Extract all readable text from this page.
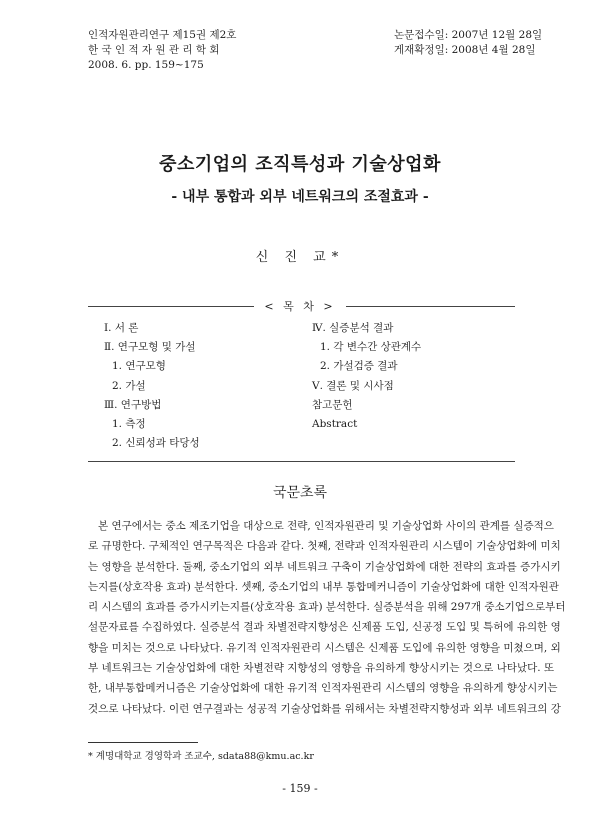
인적자원관리연구 제15권 제2호
한 국 인 적 자 원 관 리 학 회
2008. 6. pp. 159~175
논문접수일: 2007년 12월 28일
게재확정일: 2008년 4월 28일
중소기업의 조직특성과 기술상업화
- 내부 통합과 외부 네트워크의 조절효과 -
신 진 교*
< 목 차 >
Ⅰ. 서 론
Ⅱ. 연구모형 및 가설
1. 연구모형
2. 가설
Ⅲ. 연구방법
1. 측정
2. 신뢰성과 타당성
Ⅳ. 실증분석 결과
1. 각 변수간 상관계수
2. 가설검증 결과
Ⅴ. 결론 및 시사점
참고문헌
Abstract
국문초록
본 연구에서는 중소 제조기업을 대상으로 전략, 인적자원관리 및 기술상업화 사이의 관계를 실증적으
로 규명한다. 구체적인 연구목적은 다음과 같다. 첫째, 전략과 인적자원관리 시스템이 기술상업화에 미치
는 영향을 분석한다. 둘째, 중소기업의 외부 네트워크 구축이 기술상업화에 대한 전략의 효과를 증가시키
는지를(상호작용 효과) 분석한다. 셋째, 중소기업의 내부 통합메커니즘이 기술상업화에 대한 인적자원관
리 시스템의 효과를 증가시키는지를(상호작용 효과) 분석한다. 실증분석을 위해 297개 중소기업으로부터
설문자료를 수집하였다. 실증분석 결과 차별전략지향성은 신제품 도입, 신공정 도입 및 특허에 유의한 영
향을 미치는 것으로 나타났다. 유기적 인적자원관리 시스템은 신제품 도입에 유의한 영향을 미쳤으며, 외
부 네트워크는 기술상업화에 대한 차별전략 지향성의 영향을 유의하게 향상시키는 것으로 나타났다. 또
한, 내부통합메커니즘은 기술상업화에 대한 유기적 인적자원관리 시스템의 영향을 유의하게 향상시키는
것으로 나타났다. 이런 연구결과는 성공적 기술상업화를 위해서는 차별전략지향성과 외부 네트워크의 강
* 계명대학교 경영학과 조교수, sdata88@kmu.ac.kr
- 159 -
